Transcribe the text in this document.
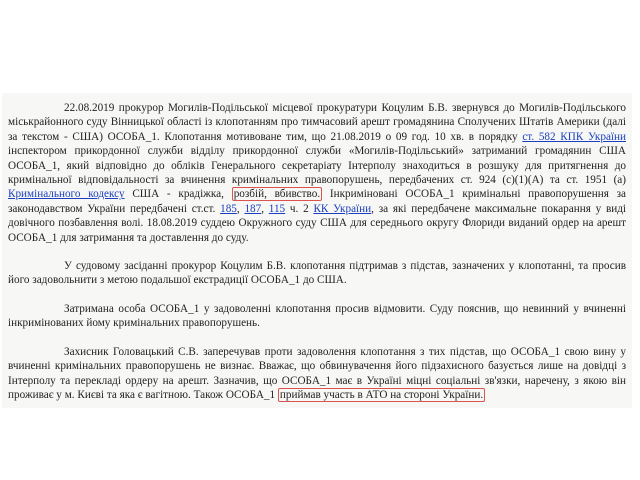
22.08.2019 прокурор Могилів-Подільської місцевої прокуратури Коцулим Б.В. звернувся до Могилів-Подільського міськрайонного суду Вінницької області із клопотанням про тимчасовий арешт громадянина Сполучених Штатів Америки (далі за текстом - США) ОСОБА_1. Клопотання мотивоване тим, що 21.08.2019 о 09 год. 10 хв. в порядку ст. 582 КПК України інспектором прикордонної служби відділу прикордонної служби «Могилів-Подільський» затриманий громадянин США ОСОБА_1, який відповідно до обліків Генерального секретаріату Інтерполу знаходиться в розшуку для притягнення до кримінальної відповідальності за вчинення кримінальних правопорушень, передбачених ст. 924 (с)(1)(А) та ст. 1951 (а) Кримінального кодексу США - крадіжка, розбій, вбивство. Інкриміновані ОСОБА_1 кримінальні правопорушення за законодавством України передбачені ст.ст. 185, 187, 115 ч. 2 КК України, за які передбачене максимальне покарання у виді довічного позбавлення волі. 18.08.2019 суддею Окружного суду США для середнього округу Флориди виданий ордер на арешт ОСОБА_1 для затримання та доставлення до суду.

У судовому засіданні прокурор Коцулим Б.В. клопотання підтримав з підстав, зазначених у клопотанні, та просив його задовольнити з метою подальшої екстрадиції ОСОБА_1 до США.

Затримана особа ОСОБА_1 у задоволенні клопотання просив відмовити. Суду пояснив, що невинний у вчиненні інкримінованих йому кримінальних правопорушень.

Захисник Головацький С.В. заперечував проти задоволення клопотання з тих підстав, що ОСОБА_1 свою вину у вчиненні кримінальних правопорушень не визнає. Вважає, що обвинувачення його підзахисного базується лише на довідці з Інтерполу та перекладі ордеру на арешт. Зазначив, що ОСОБА_1 має в Україні міцні соціальні зв'язки, наречену, з якою він проживає у м. Києві та яка є вагітною. Також ОСОБА_1 приймав участь в АТО на стороні України.
